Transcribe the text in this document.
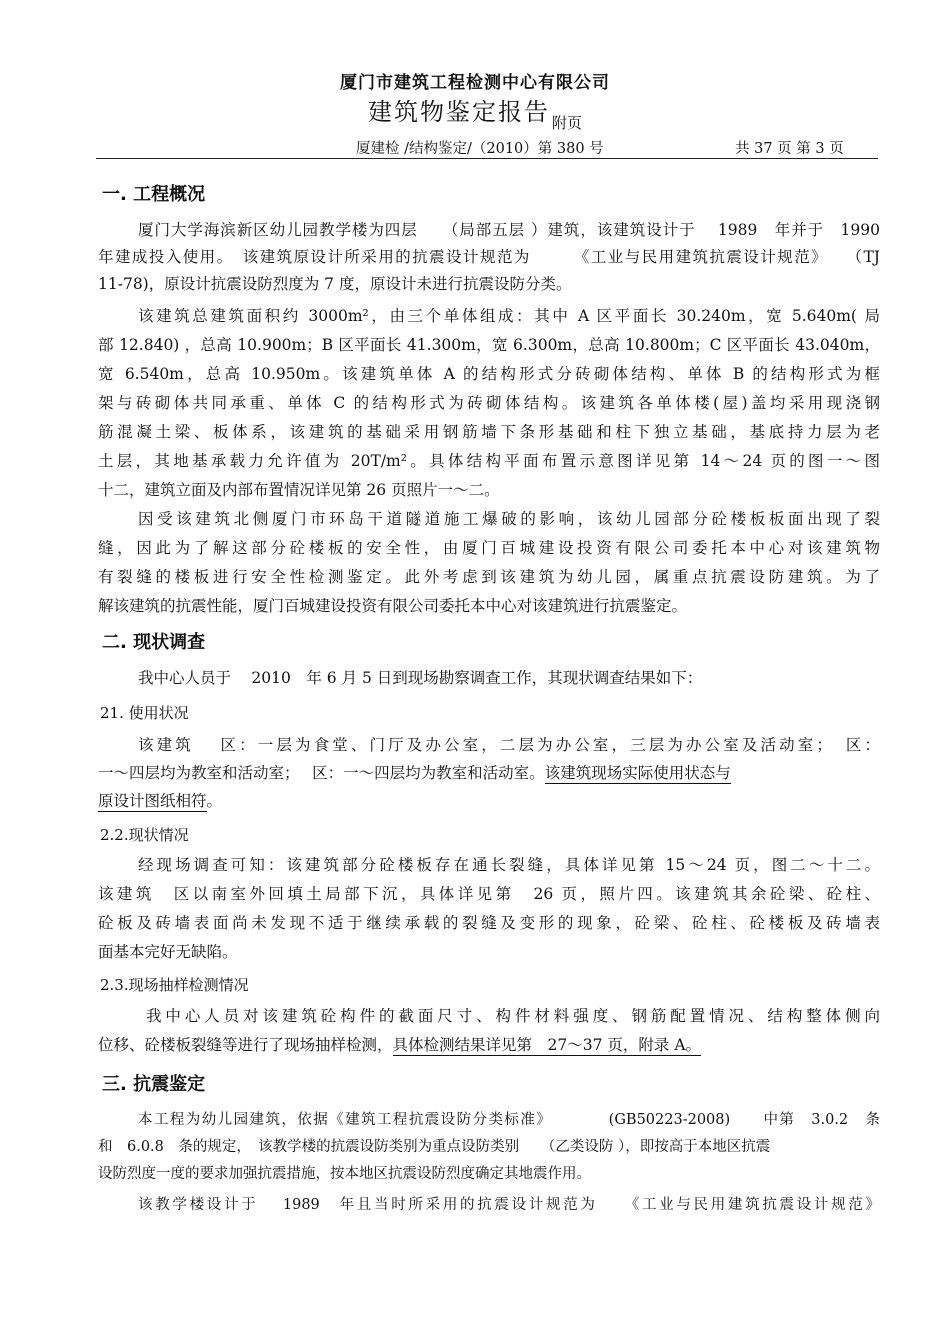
厦门市建筑工程检测中心有限公司
建筑物鉴定报告 $_{附页}$
厦建检 /结构鉴定/（2010）第 380 号	共 37 页 第 3 页
一. 工程概况
厦门大学海滨新区幼儿园教学楼为四层　　（局部五层 ）建筑，该建筑设计于　 1989　年并于　1990
年建成投入使用。　该建筑原设计所采用的抗震设计规范为　　　《工业与民用建筑抗震设计规范》　　（TJ
11-78)，原设计抗震设防烈度为 7 度，原设计未进行抗震设防分类。
该建筑总建筑面积约 3000m²，由三个单体组成：其中 A 区平面长 30.240m，宽 5.640m( 局
部 12.840) ，总高 10.900m；B 区平面长 41.300m，宽 6.300m，总高 10.800m；C 区平面长 43.040m，
宽 6.540m，总高 10.950m。该建筑单体 A 的结构形式分砖砌体结构、单体 B 的结构形式为框
架与砖砌体共同承重、单体 C 的结构形式为砖砌体结构。该建筑各单体楼(屋)盖均采用现浇钢
筋混凝土梁、板体系，该建筑的基础采用钢筋墙下条形基础和柱下独立基础，基底持力层为老
土层，其地基承载力允许值为 20T/m²。具体结构平面布置示意图详见第 14～24 页的图一～图
十二，建筑立面及内部布置情况详见第 26 页照片一～二。
因受该建筑北侧厦门市环岛干道隧道施工爆破的影响，该幼儿园部分砼楼板板面出现了裂
缝，因此为了解这部分砼楼板的安全性，由厦门百城建设投资有限公司委托本中心对该建筑物
有裂缝的楼板进行安全性检测鉴定。此外考虑到该建筑为幼儿园，属重点抗震设防建筑。为了
解该建筑的抗震性能，厦门百城建设投资有限公司委托本中心对该建筑进行抗震鉴定。
二. 现状调查
我中心人员于　 2010　年 6 月 5 日到现场勘察调查工作，其现状调查结果如下：
21. 使用状况
该建筑　 区：一层为食堂、门厅及办公室，二层为办公室，三层为办公室及活动室；　区：
一～四层均为教室和活动室；　 区：一～四层均为教室和活动室。该建筑现场实际使用状态与
原设计图纸相符。
2.2.现状情况
经现场调查可知：该建筑部分砼楼板存在通长裂缝，具体详见第 15～24 页，图二～十二。
该建筑　区以南室外回填土局部下沉，具体详见第　26 页，照片四。该建筑其余砼梁、砼柱、
砼板及砖墙表面尚未发现不适于继续承载的裂缝及变形的现象，砼梁、砼柱、砼楼板及砖墙表
面基本完好无缺陷。
2.3.现场抽样检测情况
我中心人员对该建筑砼构件的截面尺寸、构件材料强度、钢筋配置情况、结构整体侧向
位移、砼楼板裂缝等进行了现场抽样检测，具体检测结果详见第　27～37 页，附录 A。
三. 抗震鉴定
本工程为幼儿园建筑，依据《建筑工程抗震设防分类标准》　　　　(GB50223-2008)　　中第　3.0.2　条
和　6.0.8　条的规定，　该教学楼的抗震设防类别为重点设防类别　　（乙类设防 ），即按高于本地区抗震
设防烈度一度的要求加强抗震措施，按本地区抗震设防烈度确定其地震作用。
该教学楼设计于　 1989　年且当时所采用的抗震设计规范为　　《工业与民用建筑抗震设计规范》
